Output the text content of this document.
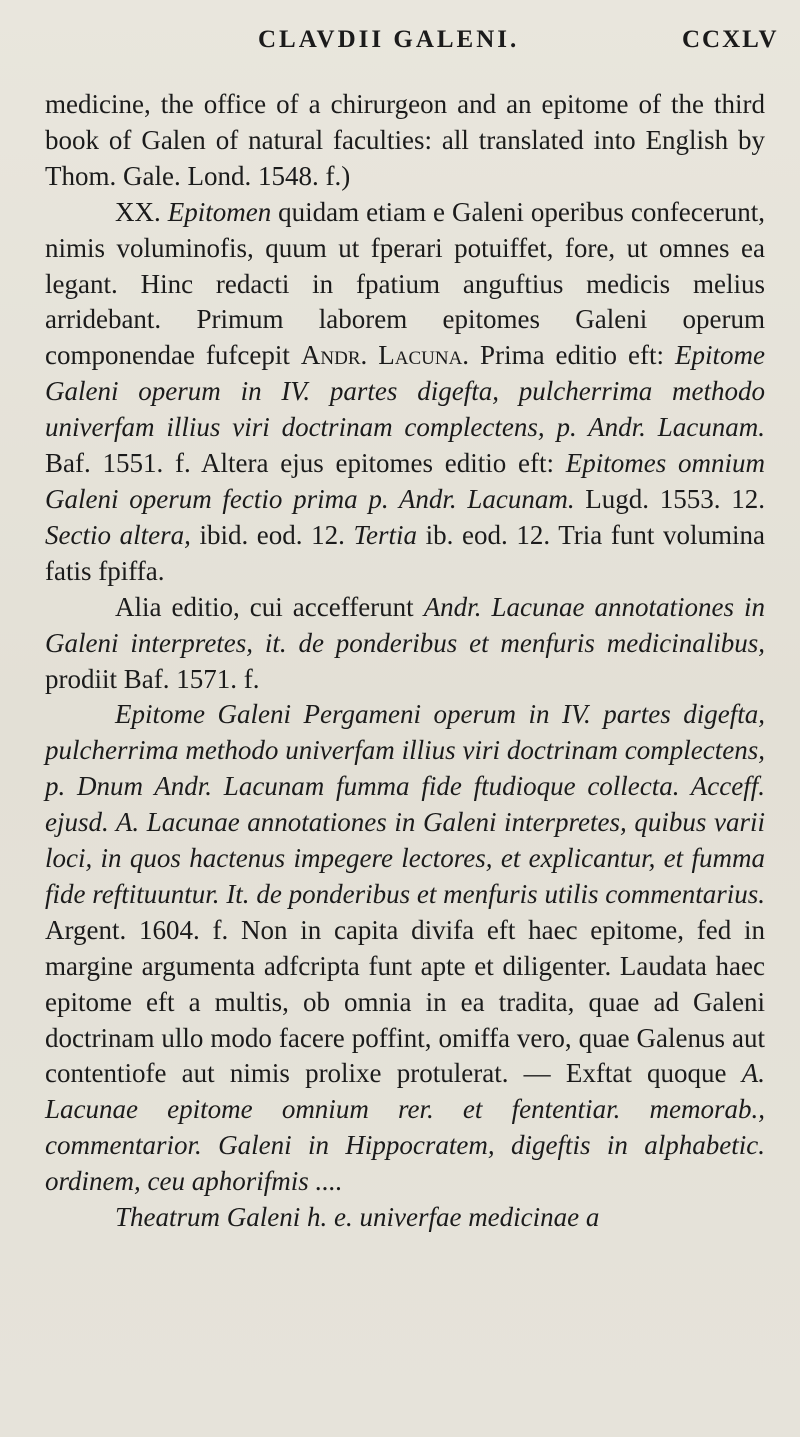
CLAVDII GALENI.	CCXLV

medicine, the office of a chirurgeon and an epitome of the third book of Galen of natural faculties: all translated into English by Thom. Gale. Lond. 1548. f.)

XX. Epitomen quidam etiam e Galeni operibus confecerunt, nimis voluminofis, quum ut fperari potuiffet, fore, ut omnes ea legant. Hinc redacti in fpatium anguftius medicis melius arridebant. Primum laborem epitomes Galeni operum componendae fufcepit Andr. Lacuna. Prima editio eft: Epitome Galeni operum in IV. partes digefta, pulcherrima methodo univerfam illius viri doctrinam complectens, p. Andr. Lacunam. Baf. 1551. f. Altera ejus epitomes editio eft: Epitomes omnium Galeni operum fectio prima p. Andr. Lacunam. Lugd. 1553. 12. Sectio altera, ibid. eod. 12. Tertia ib. eod. 12. Tria funt volumina fatis fpiffa.

Alia editio, cui accefferunt Andr. Lacunae annotationes in Galeni interpretes, it. de ponderibus et menfuris medicinalibus, prodiit Baf. 1571. f.

Epitome Galeni Pergameni operum in IV. partes digefta, pulcherrima methodo univerfam illius viri doctrinam complectens, p. Dnum Andr. Lacunam fumma fide ftudioque collecta. Acceff. ejusd. A. Lacunae annotationes in Galeni interpretes, quibus varii loci, in quos hactenus impegere lectores, et explicantur, et fumma fide reftituuntur. It. de ponderibus et menfuris utilis commentarius. Argent. 1604. f. Non in capita divifa eft haec epitome, fed in margine argumenta adfcripta funt apte et diligenter. Laudata haec epitome eft a multis, ob omnia in ea tradita, quae ad Galeni doctrinam ullo modo facere poffint, omiffa vero, quae Galenus aut contentiofe aut nimis prolixe protulerat. — Exftat quoque A. Lacunae epitome omnium rer. et fententiar. memorab., commentarior. Galeni in Hippocratem, digeftis in alphabetic. ordinem, ceu aphorifmis ....

Theatrum Galeni h. e. univerfae medicinae a
